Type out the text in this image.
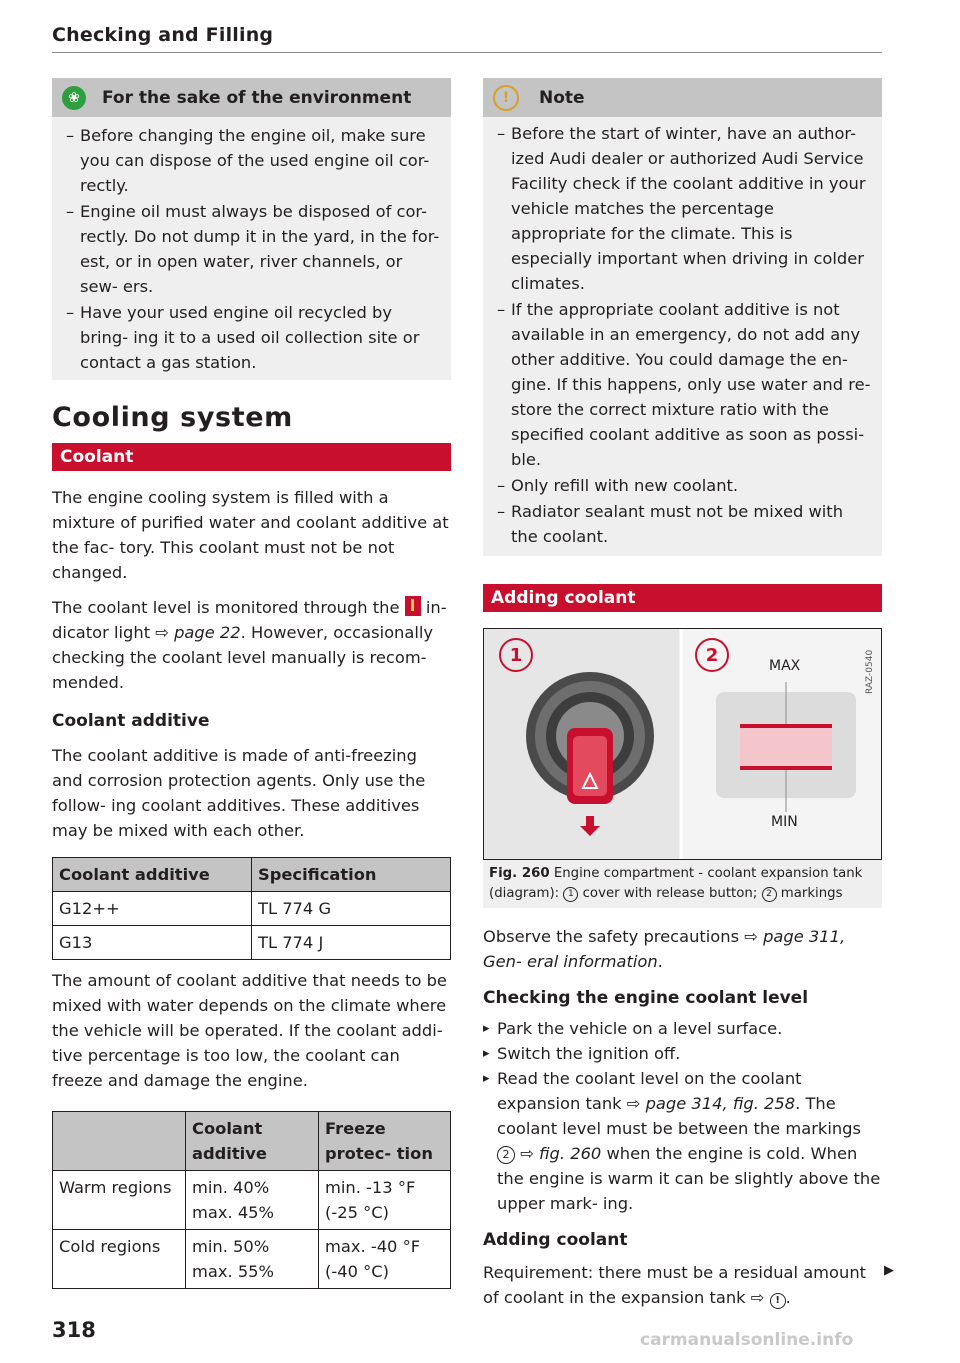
Checking and Filling
❀	For the sake of the environment
– Before changing the engine oil, make sure you can dispose of the used engine oil cor- rectly.
– Engine oil must always be disposed of cor- rectly. Do not dump it in the yard, in the for- est, or in open water, river channels, or sew- ers.
– Have your used engine oil recycled by bring- ing it to a used oil collection site or contact a gas station.
Cooling system
Coolant

The engine cooling system is filled with a mixture of purified water and coolant additive at the fac- tory. This coolant must not be not changed.

The coolant level is monitored through the in- dicator light ⇨ page 22. However, occasionally checking the coolant level manually is recom- mended.

Coolant additive

The coolant additive is made of anti-freezing and corrosion protection agents. Only use the follow- ing coolant additives. These additives may be mixed with each other.

Coolant additive	Specification
G12++	TL 774 G
G13	TL 774 J

The amount of coolant additive that needs to be mixed with water depends on the climate where the vehicle will be operated. If the coolant addi- tive percentage is too low, the coolant can freeze and damage the engine.

	Coolant additive	Freeze protec- tion
Warm regions	min. 40% max. 45%	min. -13 °F (-25 °C)
Cold regions	min. 50% max. 55%	max. -40 °F (-40 °C)
!	Note
– Before the start of winter, have an author- ized Audi dealer or authorized Audi Service Facility check if the coolant additive in your vehicle matches the percentage appropriate for the climate. This is especially important when driving in colder climates.
– If the appropriate coolant additive is not available in an emergency, do not add any other additive. You could damage the en- gine. If this happens, only use water and re- store the correct mixture ratio with the specified coolant additive as soon as possi- ble.
– Only refill with new coolant.
– Radiator sealant must not be mixed with the coolant.
Adding coolant
1	2
MAX
MIN
RAZ-0540
Fig. 260 Engine compartment - coolant expansion tank (diagram): 1 cover with release button; 2 markings

Observe the safety precautions ⇨ page 311, Gen- eral information.

Checking the engine coolant level
▸ Park the vehicle on a level surface.
▸ Switch the ignition off.
▸ Read the coolant level on the coolant expansion tank ⇨ page 314, fig. 258. The coolant level must be between the markings 2 ⇨ fig. 260 when the engine is cold. When the engine is warm it can be slightly above the upper mark- ing.
Adding coolant

Requirement: there must be a residual amount of coolant in the expansion tank ⇨ ! .

▶
318	carmanualsonline.info
